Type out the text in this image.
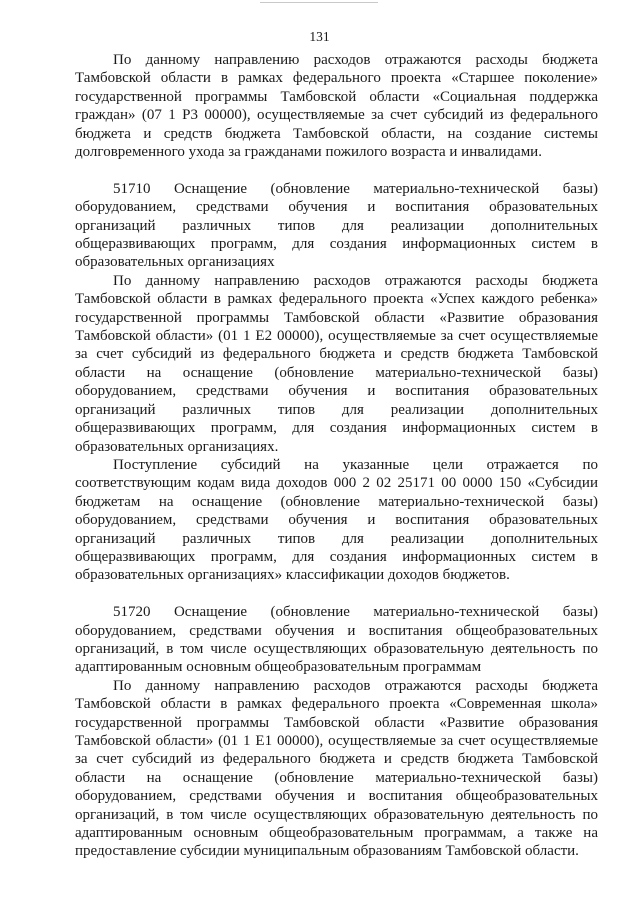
131

По данному направлению расходов отражаются расходы бюджета Тамбовской области в рамках федерального проекта «Старшее поколение» государственной программы Тамбовской области «Социальная поддержка граждан» (07 1 P3 00000), осуществляемые за счет субсидий из федерального бюджета и средств бюджета Тамбовской области, на создание системы долговременного ухода за гражданами пожилого возраста и инвалидами.

51710 Оснащение (обновление материально-технической базы) оборудованием, средствами обучения и воспитания образовательных организаций различных типов для реализации дополнительных общеразвивающих программ, для создания информационных систем в образовательных организациях

По данному направлению расходов отражаются расходы бюджета Тамбовской области в рамках федерального проекта «Успех каждого ребенка» государственной программы Тамбовской области «Развитие образования Тамбовской области» (01 1 E2 00000), осуществляемые за счет осуществляемые за счет субсидий из федерального бюджета и средств бюджета Тамбовской области на оснащение (обновление материально-технической базы) оборудованием, средствами обучения и воспитания образовательных организаций различных типов для реализации дополнительных общеразвивающих программ, для создания информационных систем в образовательных организациях.

Поступление субсидий на указанные цели отражается по соответствующим кодам вида доходов 000 2 02 25171 00 0000 150 «Субсидии бюджетам на оснащение (обновление материально-технической базы) оборудованием, средствами обучения и воспитания образовательных организаций различных типов для реализации дополнительных общеразвивающих программ, для создания информационных систем в образовательных организациях» классификации доходов бюджетов.

51720 Оснащение (обновление материально-технической базы) оборудованием, средствами обучения и воспитания общеобразовательных организаций, в том числе осуществляющих образовательную деятельность по адаптированным основным общеобразовательным программам

По данному направлению расходов отражаются расходы бюджета Тамбовской области в рамках федерального проекта «Современная школа» государственной программы Тамбовской области «Развитие образования Тамбовской области» (01 1 E1 00000), осуществляемые за счет осуществляемые за счет субсидий из федерального бюджета и средств бюджета Тамбовской области на оснащение (обновление материально-технической базы) оборудованием, средствами обучения и воспитания общеобразовательных организаций, в том числе осуществляющих образовательную деятельность по адаптированным основным общеобразовательным программам, а также на предоставление субсидии муниципальным образованиям Тамбовской области.
